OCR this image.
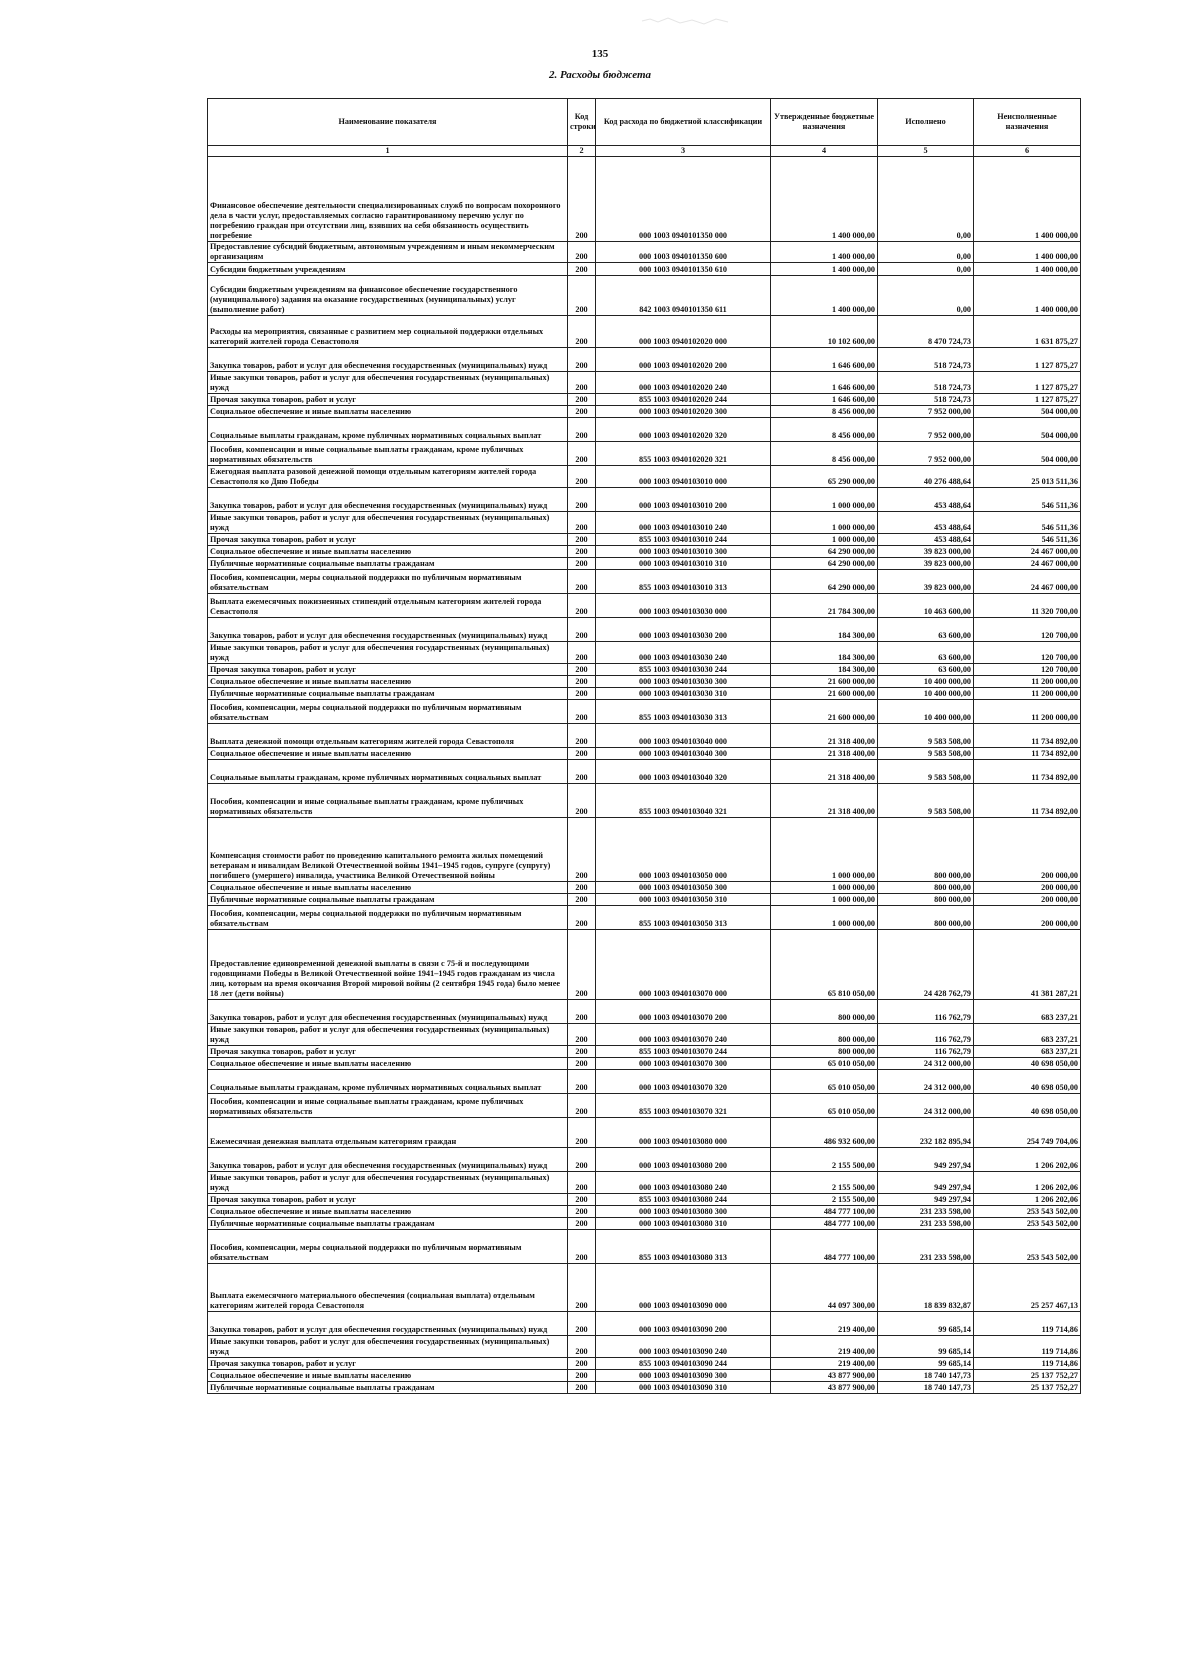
135
2. Расходы бюджета
Наименование показателя	Код строки	Код расхода по бюджетной классификации	Утвержденные бюджетные назначения	Исполнено	Неисполненные назначения
1	2	3	4	5	6
Финансовое обеспечение деятельности специализированных служб по вопросам похоронного дела в части услуг, предоставляемых согласно гарантированному перечню услуг по погребению граждан при отсутствии лиц, взявших на себя обязанность осуществить погребение	200	000 1003 0940101350 000	1 400 000,00	0,00	1 400 000,00
Предоставление субсидий бюджетным, автономным учреждениям и иным некоммерческим организациям	200	000 1003 0940101350 600	1 400 000,00	0,00	1 400 000,00
Субсидии бюджетным учреждениям	200	000 1003 0940101350 610	1 400 000,00	0,00	1 400 000,00
Субсидии бюджетным учреждениям на финансовое обеспечение государственного (муниципального) задания на оказание государственных (муниципальных) услуг (выполнение работ)	200	842 1003 0940101350 611	1 400 000,00	0,00	1 400 000,00
Расходы на мероприятия, связанные с развитием мер социальной поддержки отдельных категорий жителей города Севастополя	200	000 1003 0940102020 000	10 102 600,00	8 470 724,73	1 631 875,27
Закупка товаров, работ и услуг для обеспечения государственных (муниципальных) нужд	200	000 1003 0940102020 200	1 646 600,00	518 724,73	1 127 875,27
Иные закупки товаров, работ и услуг для обеспечения государственных (муниципальных) нужд	200	000 1003 0940102020 240	1 646 600,00	518 724,73	1 127 875,27
Прочая закупка товаров, работ и услуг	200	855 1003 0940102020 244	1 646 600,00	518 724,73	1 127 875,27
Социальное обеспечение и иные выплаты населению	200	000 1003 0940102020 300	8 456 000,00	7 952 000,00	504 000,00
Социальные выплаты гражданам, кроме публичных нормативных социальных выплат	200	000 1003 0940102020 320	8 456 000,00	7 952 000,00	504 000,00
Пособия, компенсации и иные социальные выплаты гражданам, кроме публичных нормативных обязательств	200	855 1003 0940102020 321	8 456 000,00	7 952 000,00	504 000,00
Ежегодная выплата разовой денежной помощи отдельным категориям жителей города Севастополя ко Дню Победы	200	000 1003 0940103010 000	65 290 000,00	40 276 488,64	25 013 511,36
Закупка товаров, работ и услуг для обеспечения государственных (муниципальных) нужд	200	000 1003 0940103010 200	1 000 000,00	453 488,64	546 511,36
Иные закупки товаров, работ и услуг для обеспечения государственных (муниципальных) нужд	200	000 1003 0940103010 240	1 000 000,00	453 488,64	546 511,36
Прочая закупка товаров, работ и услуг	200	855 1003 0940103010 244	1 000 000,00	453 488,64	546 511,36
Социальное обеспечение и иные выплаты населению	200	000 1003 0940103010 300	64 290 000,00	39 823 000,00	24 467 000,00
Публичные нормативные социальные выплаты гражданам	200	000 1003 0940103010 310	64 290 000,00	39 823 000,00	24 467 000,00
Пособия, компенсации, меры социальной поддержки по публичным нормативным обязательствам	200	855 1003 0940103010 313	64 290 000,00	39 823 000,00	24 467 000,00
Выплата ежемесячных пожизненных стипендий отдельным категориям жителей города Севастополя	200	000 1003 0940103030 000	21 784 300,00	10 463 600,00	11 320 700,00
Закупка товаров, работ и услуг для обеспечения государственных (муниципальных) нужд	200	000 1003 0940103030 200	184 300,00	63 600,00	120 700,00
Иные закупки товаров, работ и услуг для обеспечения государственных (муниципальных) нужд	200	000 1003 0940103030 240	184 300,00	63 600,00	120 700,00
Прочая закупка товаров, работ и услуг	200	855 1003 0940103030 244	184 300,00	63 600,00	120 700,00
Социальное обеспечение и иные выплаты населению	200	000 1003 0940103030 300	21 600 000,00	10 400 000,00	11 200 000,00
Публичные нормативные социальные выплаты гражданам	200	000 1003 0940103030 310	21 600 000,00	10 400 000,00	11 200 000,00
Пособия, компенсации, меры социальной поддержки по публичным нормативным обязательствам	200	855 1003 0940103030 313	21 600 000,00	10 400 000,00	11 200 000,00
Выплата денежной помощи отдельным категориям жителей города Севастополя	200	000 1003 0940103040 000	21 318 400,00	9 583 508,00	11 734 892,00
Социальное обеспечение и иные выплаты населению	200	000 1003 0940103040 300	21 318 400,00	9 583 508,00	11 734 892,00
Социальные выплаты гражданам, кроме публичных нормативных социальных выплат	200	000 1003 0940103040 320	21 318 400,00	9 583 508,00	11 734 892,00
Пособия, компенсации и иные социальные выплаты гражданам, кроме публичных нормативных обязательств	200	855 1003 0940103040 321	21 318 400,00	9 583 508,00	11 734 892,00
Компенсация стоимости работ по проведению капитального ремонта жилых помещений ветеранам и инвалидам Великой Отечественной войны 1941–1945 годов, супруге (супругу) погибшего (умершего) инвалида, участника Великой Отечественной войны	200	000 1003 0940103050 000	1 000 000,00	800 000,00	200 000,00
Социальное обеспечение и иные выплаты населению	200	000 1003 0940103050 300	1 000 000,00	800 000,00	200 000,00
Публичные нормативные социальные выплаты гражданам	200	000 1003 0940103050 310	1 000 000,00	800 000,00	200 000,00
Пособия, компенсации, меры социальной поддержки по публичным нормативным обязательствам	200	855 1003 0940103050 313	1 000 000,00	800 000,00	200 000,00
Предоставление единовременной денежной выплаты в связи с 75-й и последующими годовщинами Победы в Великой Отечественной войне 1941–1945 годов гражданам из числа лиц, которым на время окончания Второй мировой войны (2 сентября 1945 года) было менее 18 лет (дети войны)	200	000 1003 0940103070 000	65 810 050,00	24 428 762,79	41 381 287,21
Закупка товаров, работ и услуг для обеспечения государственных (муниципальных) нужд	200	000 1003 0940103070 200	800 000,00	116 762,79	683 237,21
Иные закупки товаров, работ и услуг для обеспечения государственных (муниципальных) нужд	200	000 1003 0940103070 240	800 000,00	116 762,79	683 237,21
Прочая закупка товаров, работ и услуг	200	855 1003 0940103070 244	800 000,00	116 762,79	683 237,21
Социальное обеспечение и иные выплаты населению	200	000 1003 0940103070 300	65 010 050,00	24 312 000,00	40 698 050,00
Социальные выплаты гражданам, кроме публичных нормативных социальных выплат	200	000 1003 0940103070 320	65 010 050,00	24 312 000,00	40 698 050,00
Пособия, компенсации и иные социальные выплаты гражданам, кроме публичных нормативных обязательств	200	855 1003 0940103070 321	65 010 050,00	24 312 000,00	40 698 050,00
Ежемесячная денежная выплата отдельным категориям граждан	200	000 1003 0940103080 000	486 932 600,00	232 182 895,94	254 749 704,06
Закупка товаров, работ и услуг для обеспечения государственных (муниципальных) нужд	200	000 1003 0940103080 200	2 155 500,00	949 297,94	1 206 202,06
Иные закупки товаров, работ и услуг для обеспечения государственных (муниципальных) нужд	200	000 1003 0940103080 240	2 155 500,00	949 297,94	1 206 202,06
Прочая закупка товаров, работ и услуг	200	855 1003 0940103080 244	2 155 500,00	949 297,94	1 206 202,06
Социальное обеспечение и иные выплаты населению	200	000 1003 0940103080 300	484 777 100,00	231 233 598,00	253 543 502,00
Публичные нормативные социальные выплаты гражданам	200	000 1003 0940103080 310	484 777 100,00	231 233 598,00	253 543 502,00
Пособия, компенсации, меры социальной поддержки по публичным нормативным обязательствам	200	855 1003 0940103080 313	484 777 100,00	231 233 598,00	253 543 502,00
Выплата ежемесячного материального обеспечения (социальная выплата) отдельным категориям жителей города Севастополя	200	000 1003 0940103090 000	44 097 300,00	18 839 832,87	25 257 467,13
Закупка товаров, работ и услуг для обеспечения государственных (муниципальных) нужд	200	000 1003 0940103090 200	219 400,00	99 685,14	119 714,86
Иные закупки товаров, работ и услуг для обеспечения государственных (муниципальных) нужд	200	000 1003 0940103090 240	219 400,00	99 685,14	119 714,86
Прочая закупка товаров, работ и услуг	200	855 1003 0940103090 244	219 400,00	99 685,14	119 714,86
Социальное обеспечение и иные выплаты населению	200	000 1003 0940103090 300	43 877 900,00	18 740 147,73	25 137 752,27
Публичные нормативные социальные выплаты гражданам	200	000 1003 0940103090 310	43 877 900,00	18 740 147,73	25 137 752,27
